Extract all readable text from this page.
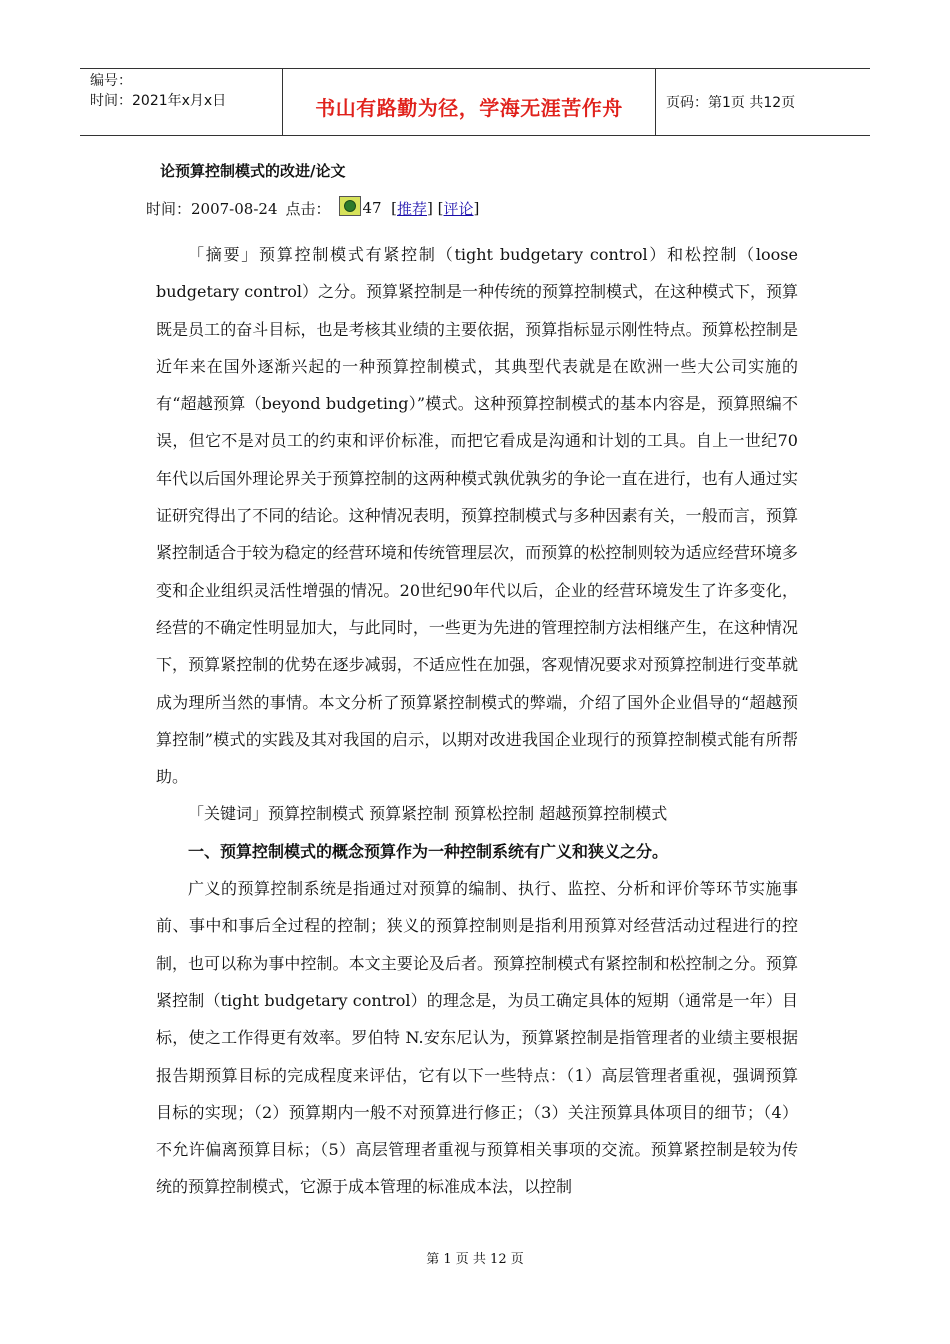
编号：
时间：2021年x月x日	书山有路勤为径，学海无涯苦作舟	页码：第1页 共12页
论预算控制模式的改进/论文
时间：2007-08-24 点击： 47 [ 推荐 ] [ 评论 ]

「摘要」预算控制模式有紧控制（tight budgetary control）和松控制（loose budgetary control）之分。预算紧控制是一种传统的预算控制模式，在这种模式下，预算既是员工的奋斗目标，也是考核其业绩的主要依据，预算指标显示刚性特点。预算松控制是近年来在国外逐渐兴起的一种预算控制模式，其典型代表就是在欧洲一些大公司实施的有“超越预算（beyond budgeting）”模式。这种预算控制模式的基本内容是，预算照编不误，但它不是对员工的约束和评价标准，而把它看成是沟通和计划的工具。自上一世纪70年代以后国外理论界关于预算控制的这两种模式孰优孰劣的争论一直在进行，也有人通过实证研究得出了不同的结论。这种情况表明，预算控制模式与多种因素有关，一般而言，预算紧控制适合于较为稳定的经营环境和传统管理层次，而预算的松控制则较为适应经营环境多变和企业组织灵活性增强的情况。20世纪90年代以后，企业的经营环境发生了许多变化，经营的不确定性明显加大，与此同时，一些更为先进的管理控制方法相继产生，在这种情况下，预算紧控制的优势在逐步减弱，不适应性在加强，客观情况要求对预算控制进行变革就成为理所当然的事情。本文分析了预算紧控制模式的弊端，介绍了国外企业倡导的“超越预算控制”模式的实践及其对我国的启示，以期对改进我国企业现行的预算控制模式能有所帮助。

「关键词」预算控制模式 预算紧控制 预算松控制 超越预算控制模式

一、预算控制模式的概念预算作为一种控制系统有广义和狭义之分。

广义的预算控制系统是指通过对预算的编制、执行、监控、分析和评价等环节实施事前、事中和事后全过程的控制；狭义的预算控制则是指利用预算对经营活动过程进行的控制，也可以称为事中控制。本文主要论及后者。预算控制模式有紧控制和松控制之分。预算紧控制（tight budgetary control）的理念是，为员工确定具体的短期（通常是一年）目标，使之工作得更有效率。罗伯特 N.安东尼认为，预算紧控制是指管理者的业绩主要根据报告期预算目标的完成程度来评估，它有以下一些特点：（1）高层管理者重视，强调预算目标的实现；（2）预算期内一般不对预算进行修正；（3）关注预算具体项目的细节；（4）不允许偏离预算目标；（5）高层管理者重视与预算相关事项的交流。预算紧控制是较为传统的预算控制模式，它源于成本管理的标准成本法，以控制

第 1 页 共 12 页
